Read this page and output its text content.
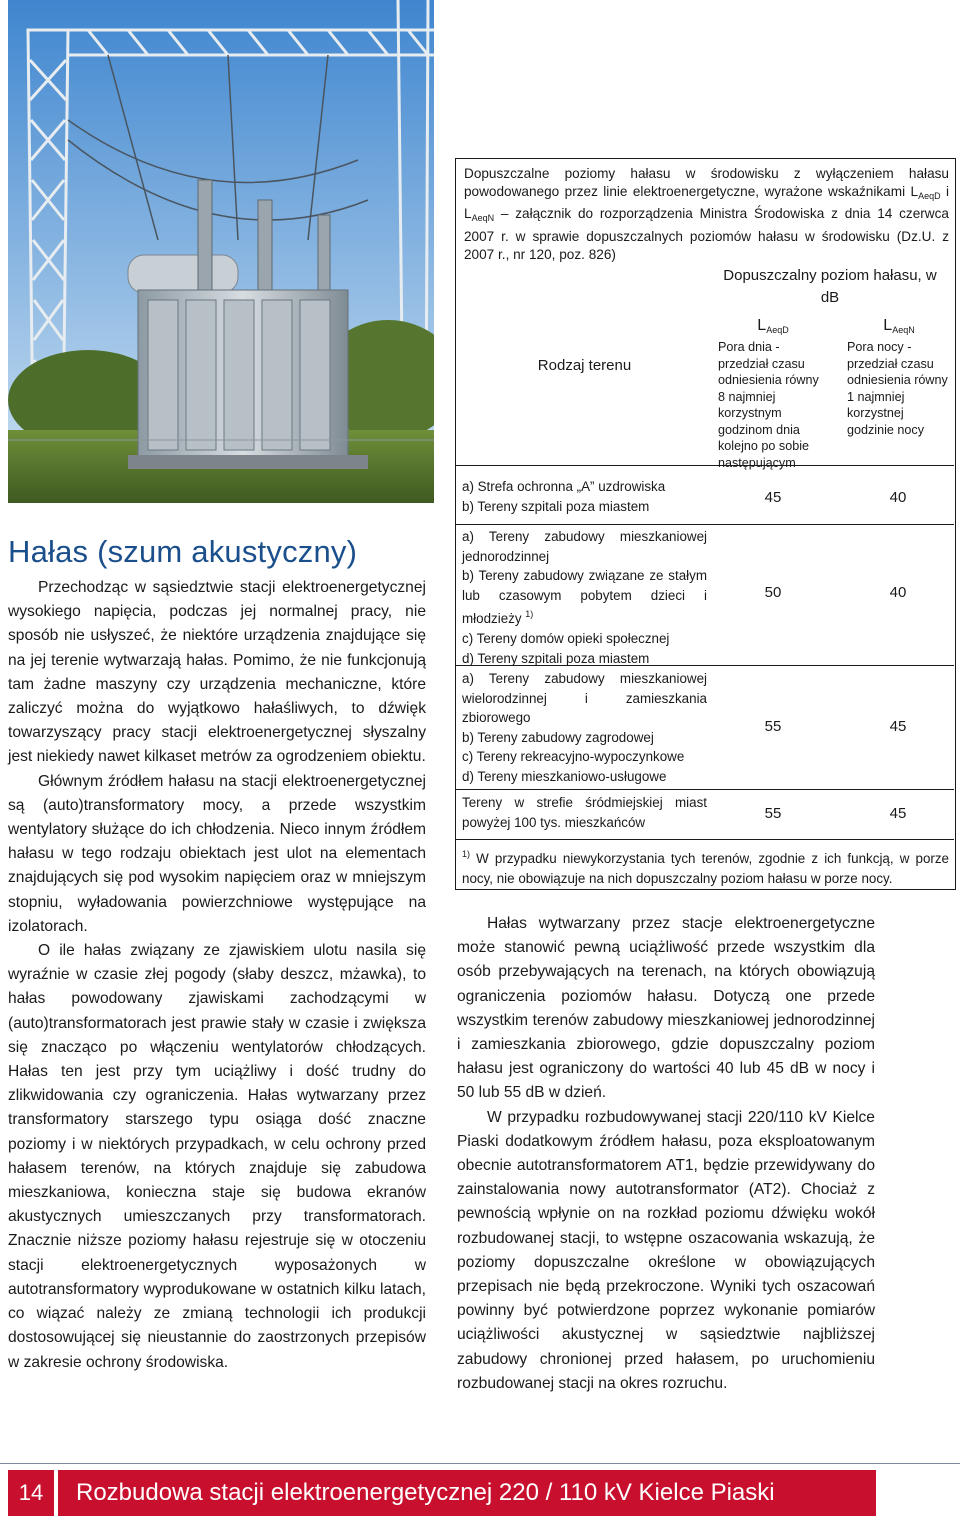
Hałas (szum akustyczny)

Przechodząc w sąsiedztwie stacji elektroenergetycznej wysokiego napięcia, podczas jej normalnej pracy, nie sposób nie usłyszeć, że niektóre urządzenia znajdujące się na jej terenie wytwarzają hałas. Pomimo, że nie funkcjonują tam żadne maszyny czy urządzenia mechaniczne, które zaliczyć można do wyjątkowo hałaśliwych, to dźwięk towarzyszący pracy stacji elektroenergetycznej słyszalny jest niekiedy nawet kilkaset metrów za ogrodzeniem obiektu.

Głównym źródłem hałasu na stacji elektroenergetycznej są (auto)transformatory mocy, a przede wszystkim wentylatory służące do ich chłodzenia. Nieco innym źródłem hałasu w tego rodzaju obiektach jest ulot na elementach znajdujących się pod wysokim napięciem oraz w mniejszym stopniu, wyładowania powierzchniowe występujące na izolatorach.

O ile hałas związany ze zjawiskiem ulotu nasila się wyraźnie w czasie złej pogody (słaby deszcz, mżawka), to hałas powodowany zjawiskami zachodzącymi w (auto)transformatorach jest prawie stały w czasie i zwiększa się znacząco po włączeniu wentylatorów chłodzących. Hałas ten jest przy tym uciążliwy i dość trudny do zlikwidowania czy ograniczenia. Hałas wytwarzany przez transformatory starszego typu osiąga dość znaczne poziomy i w niektórych przypadkach, w celu ochrony przed hałasem terenów, na których znajduje się zabudowa mieszkaniowa, konieczna staje się budowa ekranów akustycznych umieszczanych przy transformatorach. Znacznie niższe poziomy hałasu rejestruje się w otoczeniu stacji elektroenergetycznych wyposażonych w autotransformatory wyprodukowane w ostatnich kilku latach, co wiązać należy ze zmianą technologii ich produkcji dostosowującej się nieustannie do zaostrzonych przepisów w zakresie ochrony środowiska.

Dopuszczalne poziomy hałasu w środowisku z wyłączeniem hałasu powodowanego przez linie elektroenergetyczne, wyrażone wskaźnikami $L_{AeqD}$ i $L_{AeqN}$ – załącznik do rozporządzenia Ministra Środowiska z dnia 14 czerwca 2007 r. w sprawie dopuszczalnych poziomów hałasu w środowisku (Dz.U. z 2007 r., nr 120, poz. 826)
Dopuszczalny poziom hałasu, w dB
$L_{AeqD}$
Pora dnia - przedział czasu odniesienia równy 8 najmniej korzystnym godzinom dnia kolejno po sobie następującym
$L_{AeqN}$
Pora nocy - przedział czasu odniesienia równy 1 najmniej korzystnej godzinie nocy
Rodzaj terenu
a) Strefa ochronna „A” uzdrowiska
b) Tereny szpitali poza miastem
45	40
a) Tereny zabudowy mieszkaniowej jednorodzinnej
b) Tereny zabudowy związane ze stałym lub czasowym pobytem dzieci i młodzieży $^{1)}$
c) Tereny domów opieki społecznej
d) Tereny szpitali poza miastem
50	40
a) Tereny zabudowy mieszkaniowej wielorodzinnej i zamieszkania zbiorowego
b) Tereny zabudowy zagrodowej
c) Tereny rekreacyjno-wypoczynkowe
d) Tereny mieszkaniowo-usługowe
55	45
Tereny w strefie śródmiejskiej miast powyżej 100 tys. mieszkańców
55	45
$^{1)}$ W przypadku niewykorzystania tych terenów, zgodnie z ich funkcją, w porze nocy, nie obowiązuje na nich dopuszczalny poziom hałasu w porze nocy.

Hałas wytwarzany przez stacje elektroenergetyczne może stanowić pewną uciążliwość przede wszystkim dla osób przebywających na terenach, na których obowiązują ograniczenia poziomów hałasu. Dotyczą one przede wszystkim terenów zabudowy mieszkaniowej jednorodzinnej i zamieszkania zbiorowego, gdzie dopuszczalny poziom hałasu jest ograniczony do wartości 40 lub 45 dB w nocy i 50 lub 55 dB w dzień.

W przypadku rozbudowywanej stacji 220/110 kV Kielce Piaski dodatkowym źródłem hałasu, poza eksploatowanym obecnie autotransformatorem AT1, będzie przewidywany do zainstalowania nowy autotransformator (AT2). Chociaż z pewnością wpłynie on na rozkład poziomu dźwięku wokół rozbudowanej stacji, to wstępne oszacowania wskazują, że poziomy dopuszczalne określone w obowiązujących przepisach nie będą przekroczone. Wyniki tych oszacowań powinny być potwierdzone poprzez wykonanie pomiarów uciążliwości akustycznej w sąsiedztwie najbliższej zabudowy chronionej przed hałasem, po uruchomieniu rozbudowanej stacji na okres rozruchu.

14	Rozbudowa stacji elektroenergetycznej 220 / 110 kV Kielce Piaski
